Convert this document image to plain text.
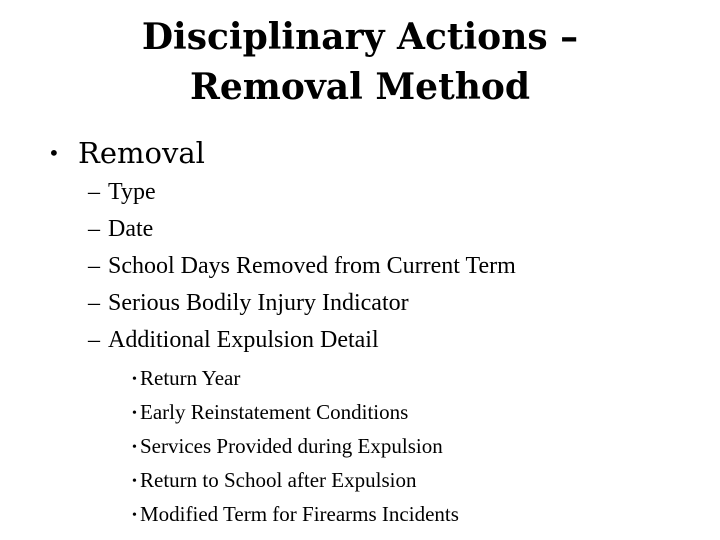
Disciplinary Actions –
Removal Method
• Removal
– Type
– Date
– School Days Removed from Current Term
– Serious Bodily Injury Indicator
– Additional Expulsion Detail
• Return Year
• Early Reinstatement Conditions
• Services Provided during Expulsion
• Return to School after Expulsion
• Modified Term for Firearms Incidents
